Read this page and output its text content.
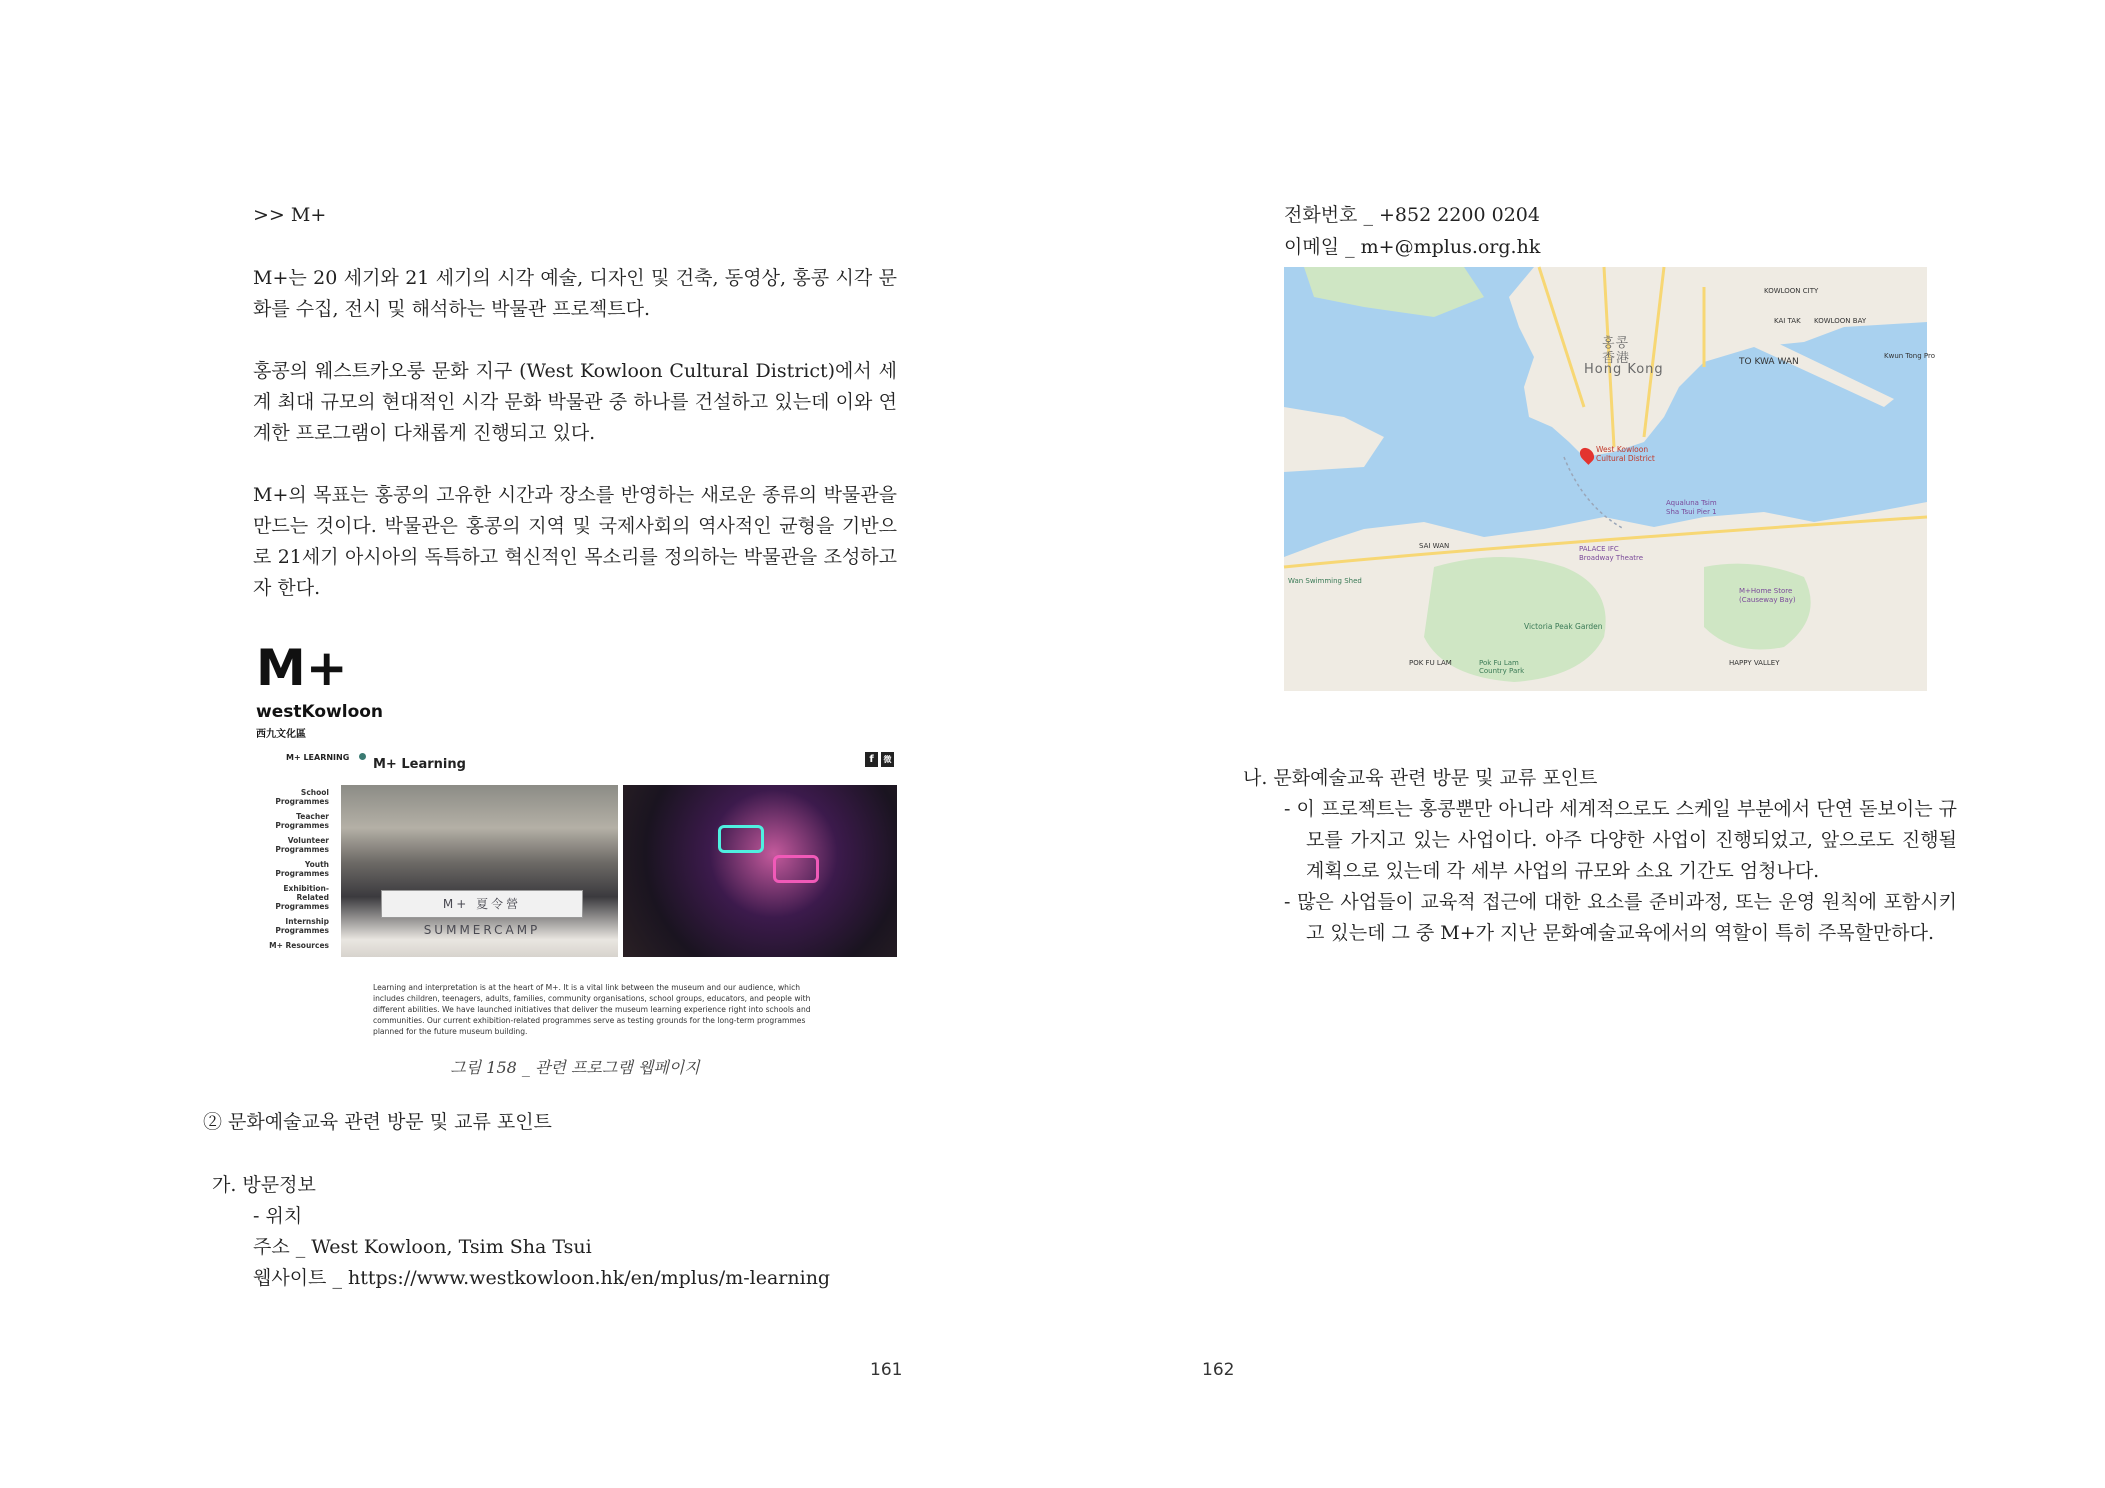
>> M+
M+는 20 세기와 21 세기의 시각 예술, 디자인 및 건축, 동영상, 홍콩 시각 문화를 수집, 전시 및 해석하는 박물관 프로젝트다.
홍콩의 웨스트카오룽 문화 지구 (West Kowloon Cultural District)에서 세계 최대 규모의 현대적인 시각 문화 박물관 중 하나를 건설하고 있는데 이와 연계한 프로그램이 다채롭게 진행되고 있다.
M+의 목표는 홍콩의 고유한 시간과 장소를 반영하는 새로운 종류의 박물관을 만드는 것이다. 박물관은 홍콩의 지역 및 국제사회의 역사적인 균형을 기반으로 21세기 아시아의 독특하고 혁신적인 목소리를 정의하는 박물관을 조성하고자 한다.
M+
westKowloon
西九文化區
M+ LEARNING
School
Programmes
Teacher
Programmes
Volunteer
Programmes
Youth
Programmes
Exhibition-
Related
Programmes
Internship
Programmes
M+ Resources
M+ Learning	f	微
M+ 夏令營 SUMMERCAMP
Learning and interpretation is at the heart of M+. It is a vital link between the museum and our audience, which includes children, teenagers, adults, families, community organisations, school groups, educators, and people with different abilities. We have launched initiatives that deliver the museum learning experience right into schools and communities. Our current exhibition-related programmes serve as testing grounds for the long-term programmes planned for the future museum building.
그림 158 _ 관련 프로그램 웹페이지
② 문화예술교육 관련 방문 및 교류 포인트
가. 방문정보
- 위치
주소 _ West Kowloon, Tsim Sha Tsui
웹사이트 _ https://www.westkowloon.hk/en/mplus/m-learning
161	162
전화번호 _ +852 2200 0204
이메일 _ m+@mplus.org.hk
홍콩
香港
Hong Kong	TO KWA WAN
KAI TAK KOWLOON BAY
KOWLOON CITY
Kwun Tong Pro
West Kowloon
Cultural District
Aqualuna Tsim
Sha Tsui Pier 1
PALACE IFC
Broadway Theatre
SAI WAN
Wan Swimming Shed
Victoria Peak Garden
M+Home Store
(Causeway Bay)
POK FU LAM	Pok Fu Lam
Country Park
HAPPY VALLEY
나. 문화예술교육 관련 방문 및 교류 포인트
- 이 프로젝트는 홍콩뿐만 아니라 세계적으로도 스케일 부분에서 단연 돋보이는 규모를 가지고 있는 사업이다. 아주 다양한 사업이 진행되었고, 앞으로도 진행될 계획으로 있는데 각 세부 사업의 규모와 소요 기간도 엄청나다.
- 많은 사업들이 교육적 접근에 대한 요소를 준비과정, 또는 운영 원칙에 포함시키고 있는데 그 중 M+가 지난 문화예술교육에서의 역할이 특히 주목할만하다.
